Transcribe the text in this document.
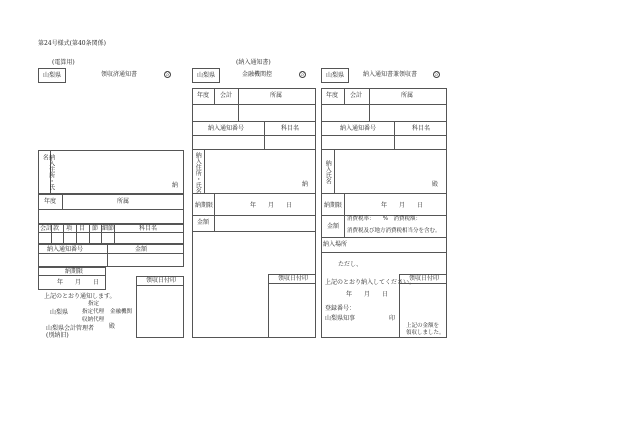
第24号様式(第40条関係)
(電算用)	(納入通知書)
山梨県	領収済通知書	公
納入住所・氏名
納
年度	所属
会計 款 項 目 節 細節	科目名
納入通知番号	金額
納期限
年　　月　　日	領収日付印
上記のとおり通知します。
指定
山梨県	指定代理 金融機関
収納代理
山梨県会計管理者 殿
(別納旧)
山梨県	金融機関控	公
年度 会計	所属
納入通知番号	科目名
納入住所・氏名	納
納期限	年　　月　　日
金額
領収日付印
山梨県	納入通知書兼領収書	公
年度 会計	所属
納入通知番号	科目名
納入氏名
殿
納期限	年　　月　　日
金額
消費税率：　　%　消費税額：
消費税及び地方消費税相当分を含む。
納入場所
ただし、
上記のとおり納入してください。
年　　月　　日
登録番号：
山梨県知事	印
領収日付印
上記の金額を
領収しました。
